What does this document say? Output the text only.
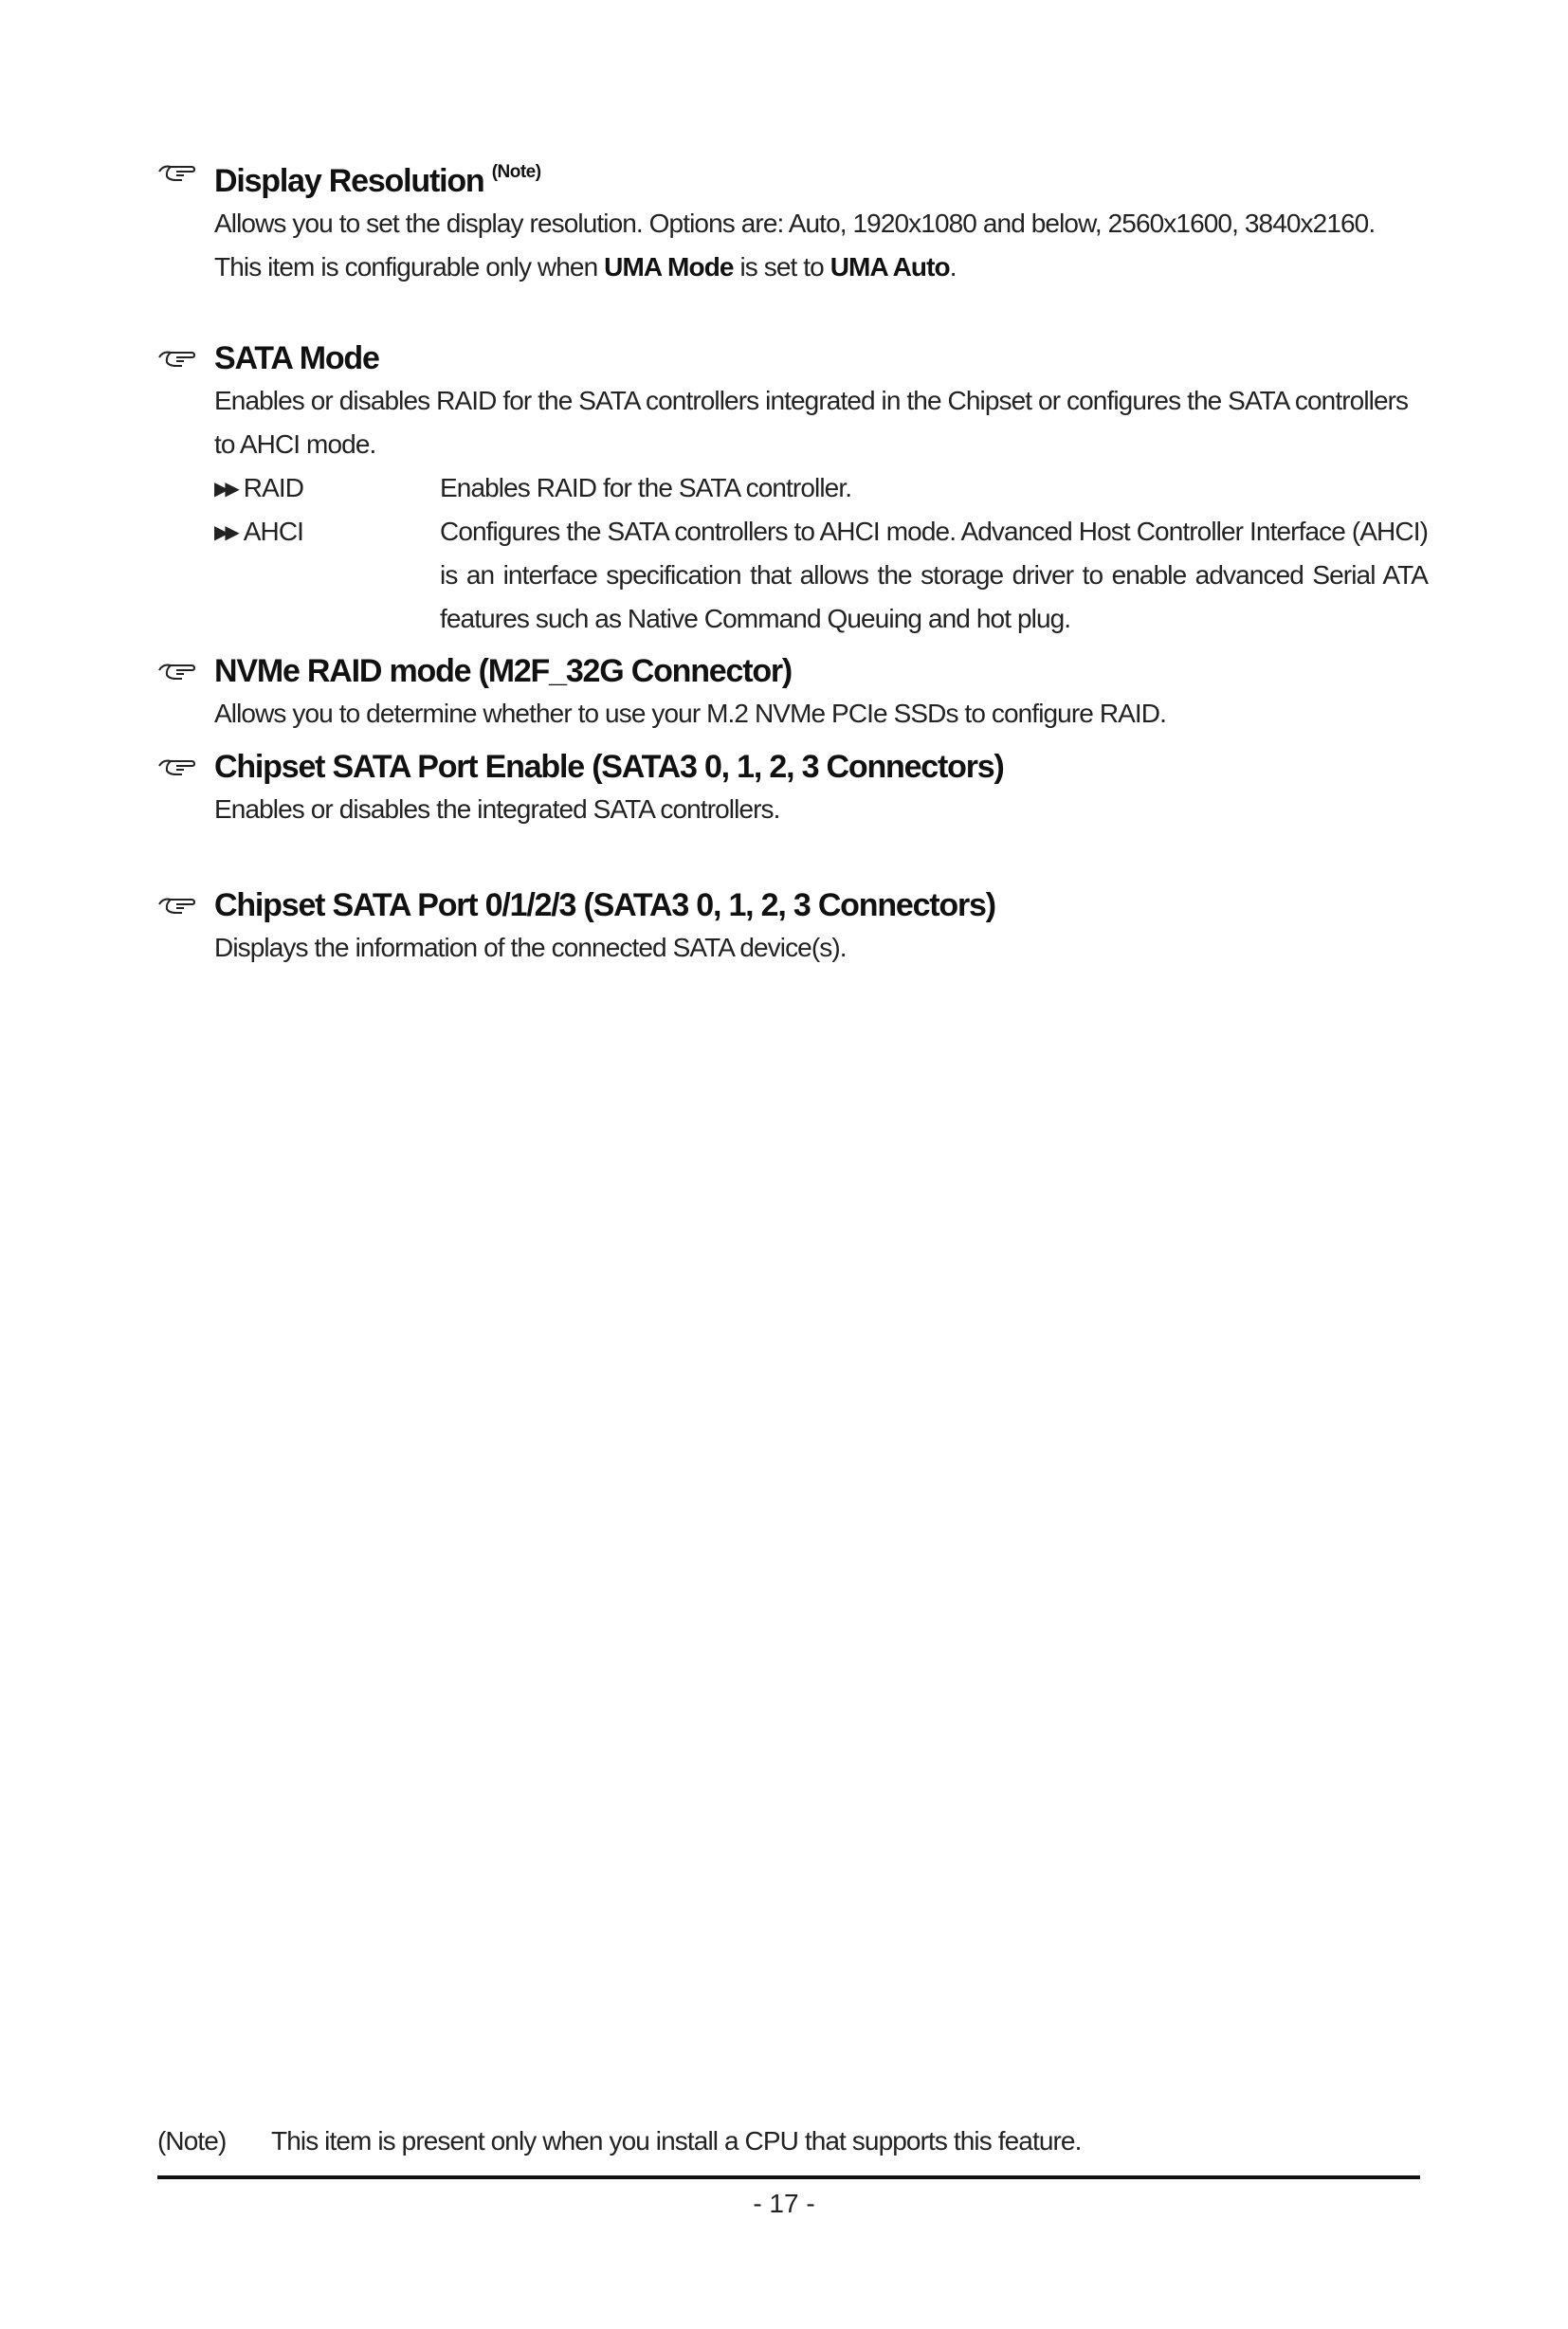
Display Resolution $^{(Note)}$
Allows you to set the display resolution. Options are: Auto, 1920x1080 and below, 2560x1600, 3840x2160.
This item is configurable only when UMA Mode is set to UMA Auto.
SATA Mode
Enables or disables RAID for the SATA controllers integrated in the Chipset or configures the SATA controllers to AHCI mode.
▶▶ RAID	Enables RAID for the SATA controller.
▶▶ AHCI	Configures the SATA controllers to AHCI mode. Advanced Host Controller Interface (AHCI) is an interface specification that allows the storage driver to enable advanced Serial ATA features such as Native Command Queuing and hot plug.
NVMe RAID mode (M2F_32G Connector)
Allows you to determine whether to use your M.2 NVMe PCIe SSDs to configure RAID.
Chipset SATA Port Enable (SATA3 0, 1, 2, 3 Connectors)
Enables or disables the integrated SATA controllers.
Chipset SATA Port 0/1/2/3 (SATA3 0, 1, 2, 3 Connectors)
Displays the information of the connected SATA device(s).
(Note) This item is present only when you install a CPU that supports this feature.
- 17 -
